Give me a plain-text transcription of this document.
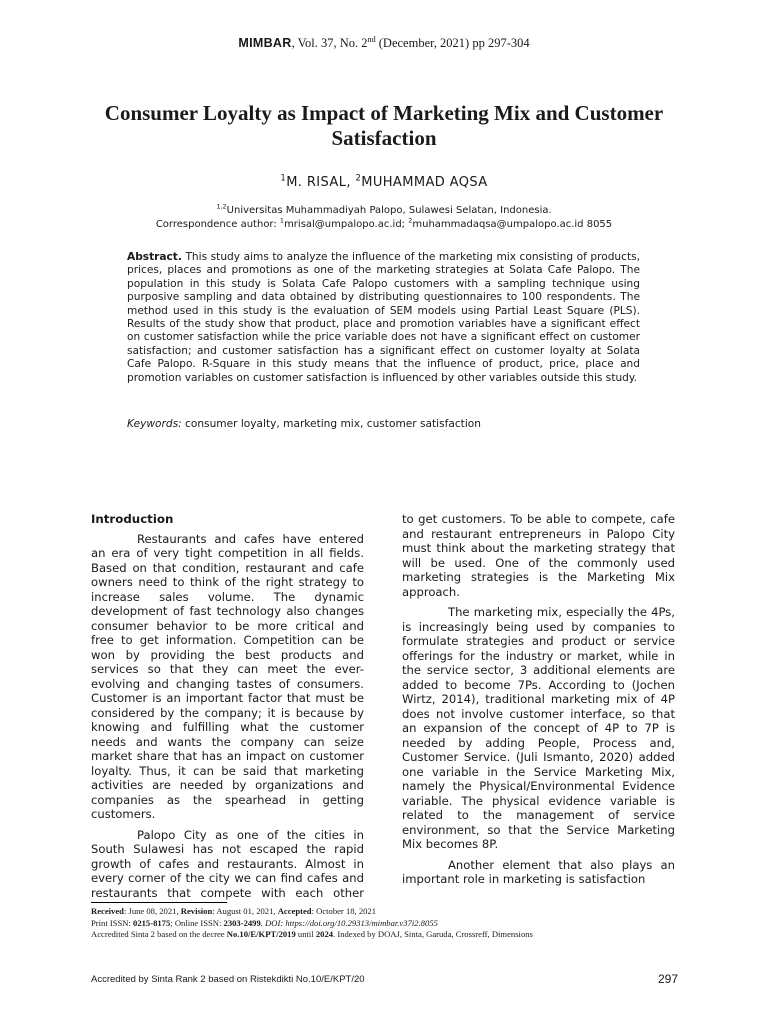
MIMBAR, Vol. 37, No. 2nd (December, 2021) pp 297-304
Consumer Loyalty as Impact of Marketing Mix and Customer Satisfaction
$^1$M. RISAL, $^2$MUHAMMAD AQSA
$^{1,2}$Universitas Muhammadiyah Palopo, Sulawesi Selatan, Indonesia.
Correspondence author: $^1$mrisal@umpalopo.ac.id; $^2$muhammadaqsa@umpalopo.ac.id 8055
Abstract. This study aims to analyze the influence of the marketing mix consisting of products, prices, places and promotions as one of the marketing strategies at Solata Cafe Palopo. The population in this study is Solata Cafe Palopo customers with a sampling technique using purposive sampling and data obtained by distributing questionnaires to 100 respondents. The method used in this study is the evaluation of SEM models using Partial Least Square (PLS). Results of the study show that product, place and promotion variables have a significant effect on customer satisfaction while the price variable does not have a significant effect on customer satisfaction; and customer satisfaction has a significant effect on customer loyalty at Solata Cafe Palopo. R-Square in this study means that the influence of product, price, place and promotion variables on customer satisfaction is influenced by other variables outside this study.
Keywords: consumer loyalty, marketing mix, customer satisfaction
Introduction

Restaurants and cafes have entered an era of very tight competition in all fields. Based on that condition, restaurant and cafe owners need to think of the right strategy to increase sales volume. The dynamic development of fast technology also changes consumer behavior to be more critical and free to get information. Competition can be won by providing the best products and services so that they can meet the ever-evolving and changing tastes of consumers. Customer is an important factor that must be considered by the company; it is because by knowing and fulfilling what the customer needs and wants the company can seize market share that has an impact on customer loyalty. Thus, it can be said that marketing activities are needed by organizations and companies as the spearhead in getting customers.

Palopo City as one of the cities in South Sulawesi has not escaped the rapid growth of cafes and restaurants. Almost in every corner of the city we can find cafes and restaurants that compete with each other

to get customers. To be able to compete, cafe and restaurant entrepreneurs in Palopo City must think about the marketing strategy that will be used. One of the commonly used marketing strategies is the Marketing Mix approach.

The marketing mix, especially the 4Ps, is increasingly being used by companies to formulate strategies and product or service offerings for the industry or market, while in the service sector, 3 additional elements are added to become 7Ps. According to (Jochen Wirtz, 2014), traditional marketing mix of 4P does not involve customer interface, so that an expansion of the concept of 4P to 7P is needed by adding People, Process and, Customer Service. (Juli Ismanto, 2020) added one variable in the Service Marketing Mix, namely the Physical/Environmental Evidence variable. The physical evidence variable is related to the management of service environment, so that the Service Marketing Mix becomes 8P.

Another element that also plays an important role in marketing is satisfaction

Received: June 08, 2021, Revision: August 01, 2021, Accepted: October 18, 2021
Print ISSN: 0215-8175; Online ISSN: 2303-2499. DOI: https://doi.org/10.29313/mimbar.v37i2.8055
Accredited Sinta 2 based on the decree No.10/E/KPT/2019 until 2024. Indexed by DOAJ, Sinta, Garuda, Crossreff, Dimensions
Accredited by Sinta Rank 2 based on Ristekdikti No.10/E/KPT/20	297
